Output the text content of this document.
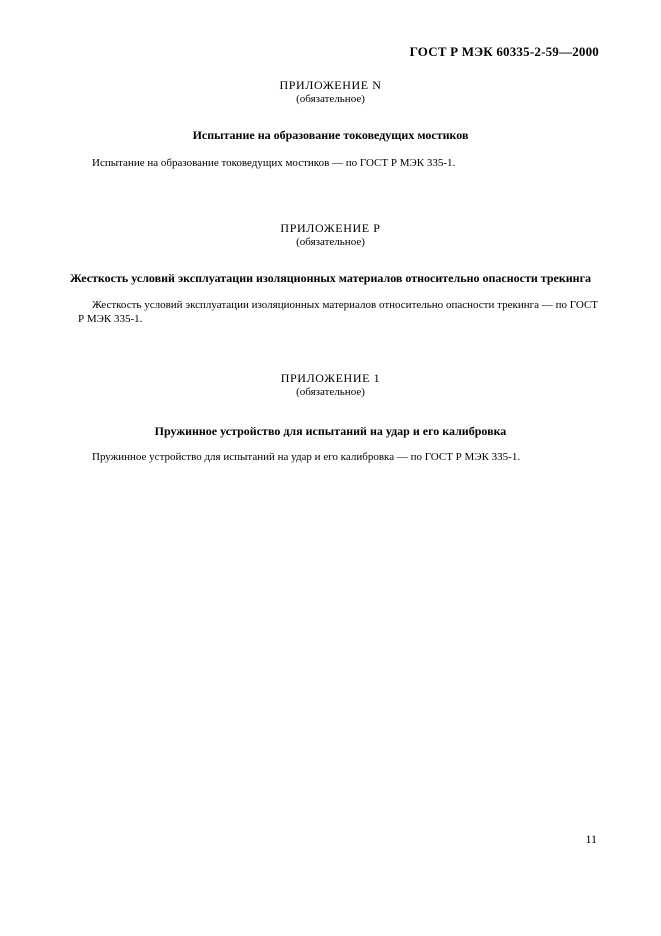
ГОСТ Р МЭК 60335-2-59—2000
ПРИЛОЖЕНИЕ N
(обязательное)
Испытание на образование токоведущих мостиков
Испытание на образование токоведущих мостиков — по ГОСТ Р МЭК 335-1.
ПРИЛОЖЕНИЕ P
(обязательное)
Жесткость условий эксплуатации изоляционных материалов относительно опасности трекинга
Жесткость условий эксплуатации изоляционных материалов относительно опасности трекинга — по ГОСТ Р МЭК 335-1.
ПРИЛОЖЕНИЕ 1
(обязательное)
Пружинное устройство для испытаний на удар и его калибровка
Пружинное устройство для испытаний на удар и его калибровка — по ГОСТ Р МЭК 335-1.
11
